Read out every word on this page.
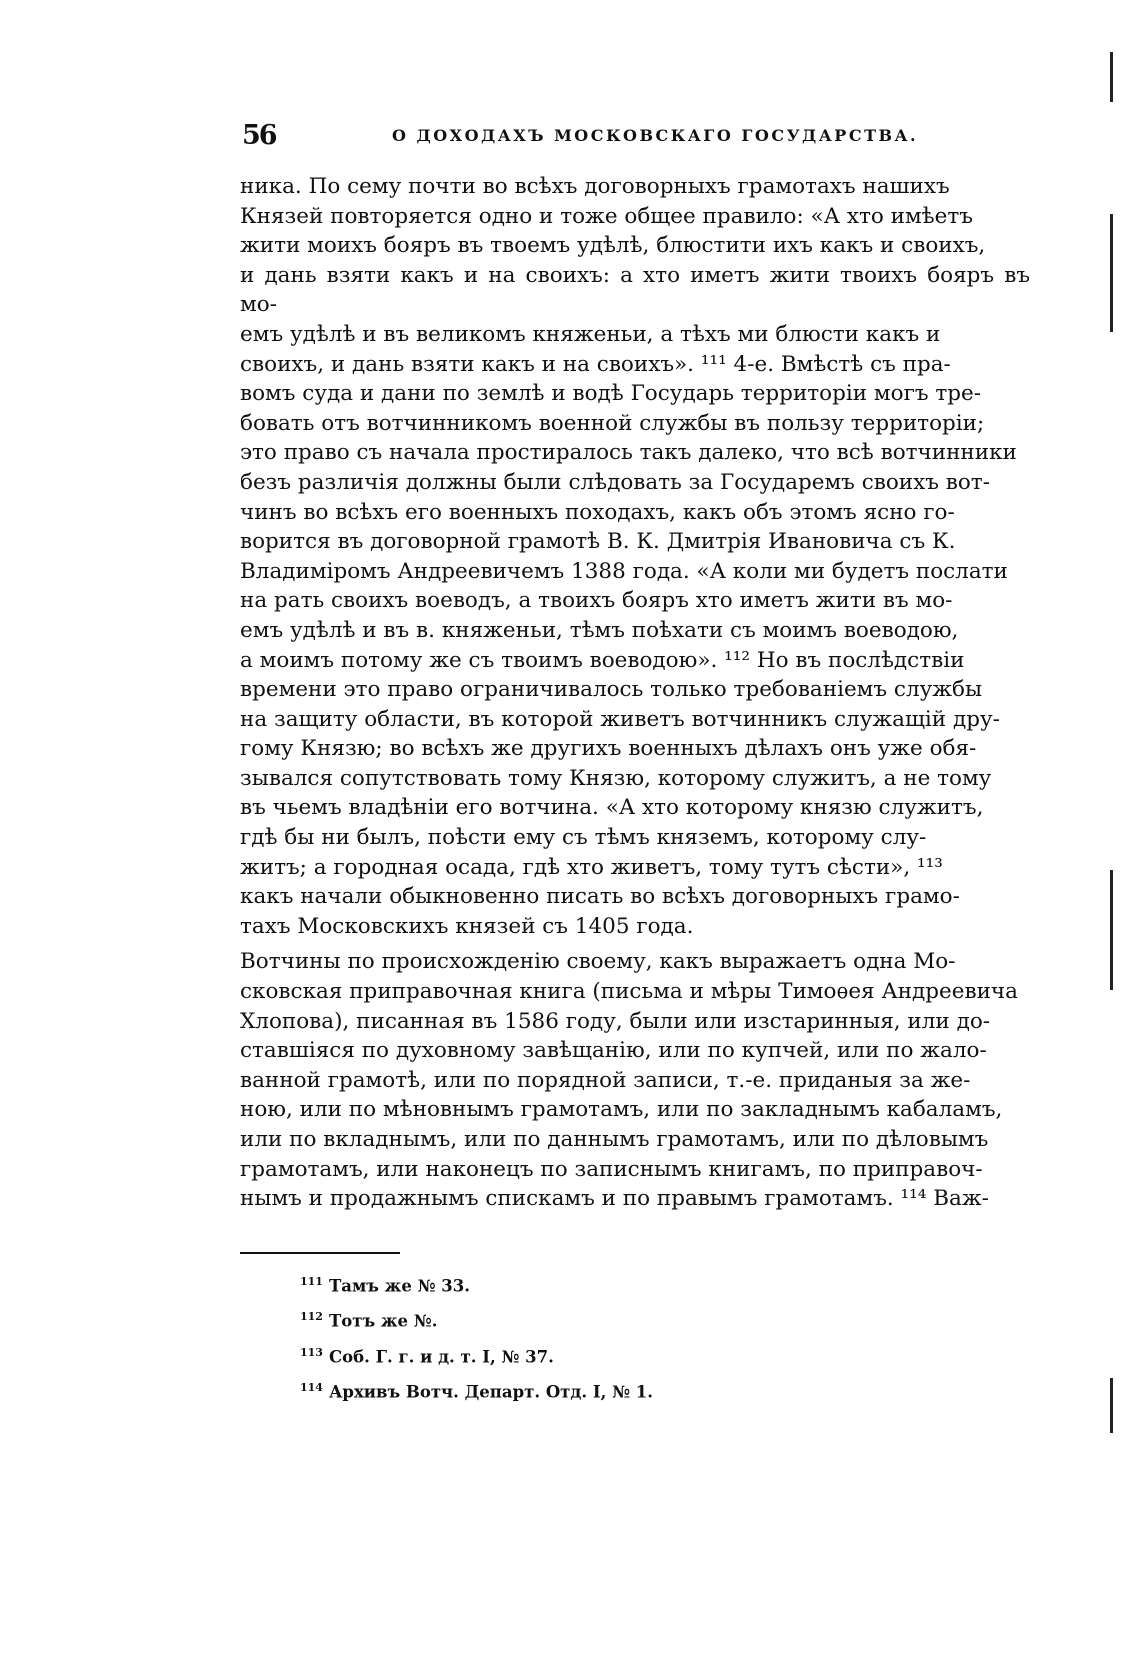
56	О ДОХОДАХЪ МОСКОВСКАГО ГОСУДАРСТВА.

ника. По сему почти во всѣхъ договорныхъ грамотахъ нашихъ
Князей повторяется одно и тоже общее правило: «А хто имѣетъ
жити моихъ бояръ въ твоемъ удѣлѣ, блюстити ихъ какъ и своихъ,
и дань взяти какъ и на своихъ: а хто иметъ жити твоихъ бояръ въ мо-
емъ удѣлѣ и въ великомъ княженьи, а тѣхъ ми блюсти какъ и
своихъ, и дань взяти какъ и на своихъ». ¹¹¹ 4-е. Вмѣстѣ съ пра-
вомъ суда и дани по землѣ и водѣ Государь территоріи могъ тре-
бовать отъ вотчинникомъ военной службы въ пользу территоріи;
это право съ начала простиралось такъ далеко, что всѣ вотчинники
безъ различія должны были слѣдовать за Государемъ своихъ вот-
чинъ во всѣхъ его военныхъ походахъ, какъ объ этомъ ясно го-
ворится въ договорной грамотѣ В. К. Дмитрія Ивановича съ К.
Владиміромъ Андреевичемъ 1388 года. «А коли ми будетъ послати
на рать своихъ воеводъ, а твоихъ бояръ хто иметъ жити въ мо-
емъ удѣлѣ и въ в. княженьи, тѣмъ поѣхати съ моимъ воеводою,
а моимъ потому же съ твоимъ воеводою». ¹¹² Но въ послѣдствіи
времени это право ограничивалось только требованіемъ службы
на защиту области, въ которой живетъ вотчинникъ служащій дру-
гому Князю; во всѣхъ же другихъ военныхъ дѣлахъ онъ уже обя-
зывался сопутствовать тому Князю, которому служитъ, а не тому
въ чьемъ владѣніи его вотчина. «А хто которому князю служитъ,
гдѣ бы ни былъ, поѣсти ему съ тѣмъ княземъ, которому слу-
житъ; а городная осада, гдѣ хто живетъ, тому тутъ сѣсти», ¹¹³
какъ начали обыкновенно писать во всѣхъ договорныхъ грамо-
тахъ Московскихъ князей съ 1405 года.

Вотчины по происхожденію своему, какъ выражаетъ одна Мо-
сковская приправочная книга (письма и мѣры Тимоѳея Андреевича
Хлопова), писанная въ 1586 году, были или изстаринныя, или до-
ставшіяся по духовному завѣщанію, или по купчей, или по жало-
ванной грамотѣ, или по порядной записи, т.-е. приданыя за же-
ною, или по мѣновнымъ грамотамъ, или по закладнымъ кабаламъ,
или по вкладнымъ, или по даннымъ грамотамъ, или по дѣловымъ
грамотамъ, или наконецъ по записнымъ книгамъ, по приправоч-
нымъ и продажнымъ спискамъ и по правымъ грамотамъ. ¹¹⁴ Важ-

$^{111}$ Тамъ же № 33.
$^{112}$ Тотъ же №.
$^{113}$ Соб. Г. г. и д. т. I, № 37.
$^{114}$ Архивъ Вотч. Департ. Отд. I, № 1.
